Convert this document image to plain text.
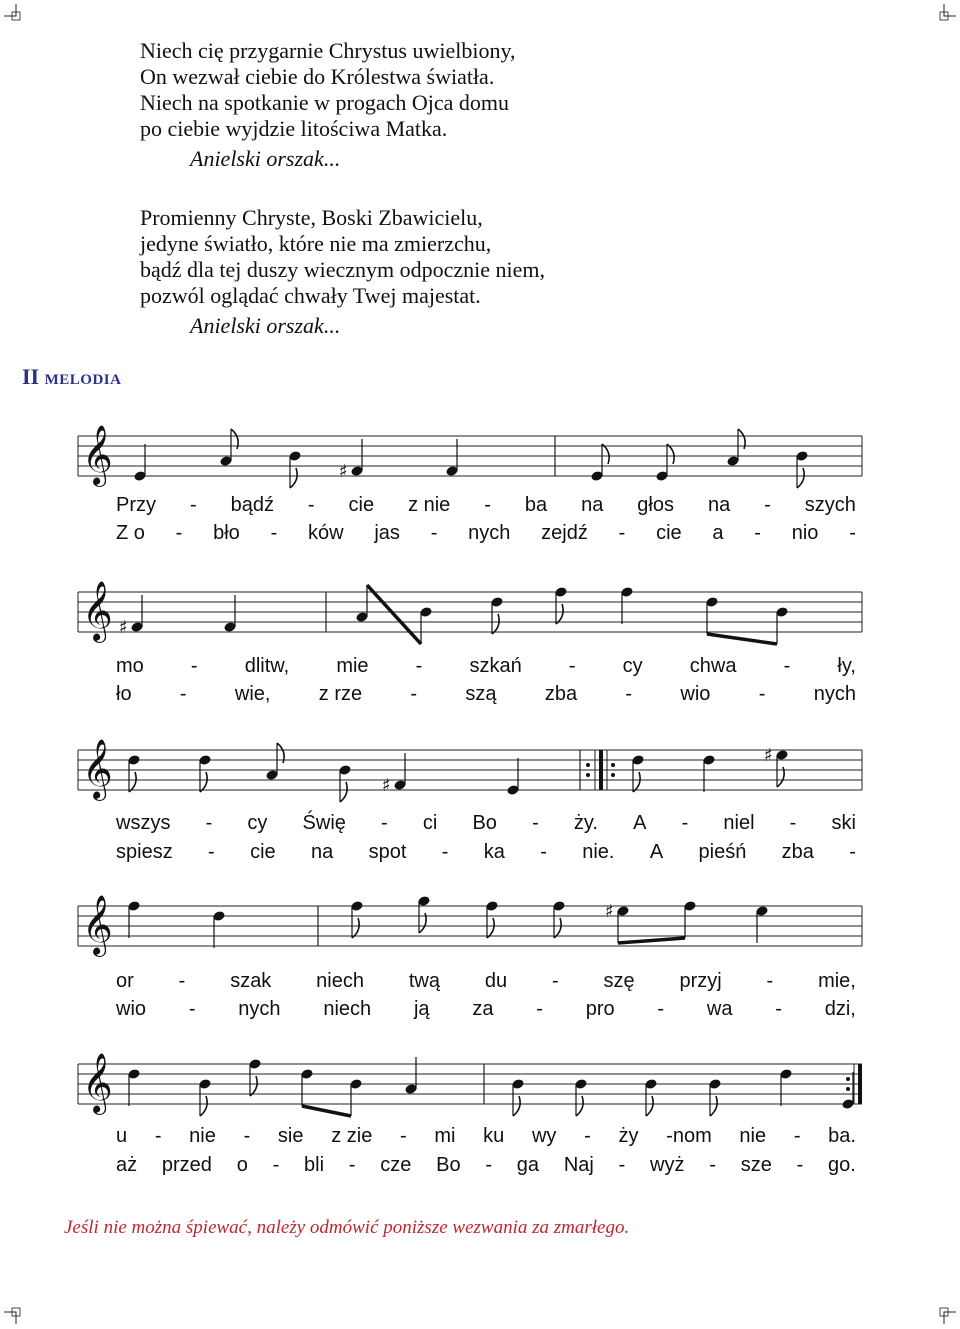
Niech cię przygarnie Chrystus uwielbiony,
On wezwał ciebie do Królestwa światła.
Niech na spotkanie w progach Ojca domu
po ciebie wyjdzie litościwa Matka.
Anielski orszak...
Promienny Chryste, Boski Zbawicielu,
jedyne światło, które nie ma zmierzchu,
bądź dla tej duszy wiecznym odpocznie niem,
pozwól oglądać chwały Twej majestat.
Anielski orszak...
II MELODIA
𝄞	♯
Przy - bądź - cie z nie - ba na głos na - szych
Z o - bło - ków jas - nych zejdź - cie a - nio -
𝄞 ♯
mo - dlitw, mie - szkań - cy chwa - ły,
ło - wie, z rze - szą zba - wio - nych
𝄞	♯
♯
wszys - cy Świę - ci Bo - ży. A - niel - ski
spiesz - cie na spot - ka - nie. A pieśń zba -
𝄞	♯
or - szak niech twą du - szę przyj - mie,
wio - nych niech ją za - pro - wa - dzi,
𝄞
u - nie - sie z zie - mi ku wy - ży -nom nie - ba.
aż przed o - bli - cze Bo - ga Naj - wyż - sze - go.
Jeśli nie można śpiewać, należy odmówić poniższe wezwania za zmarłego.
